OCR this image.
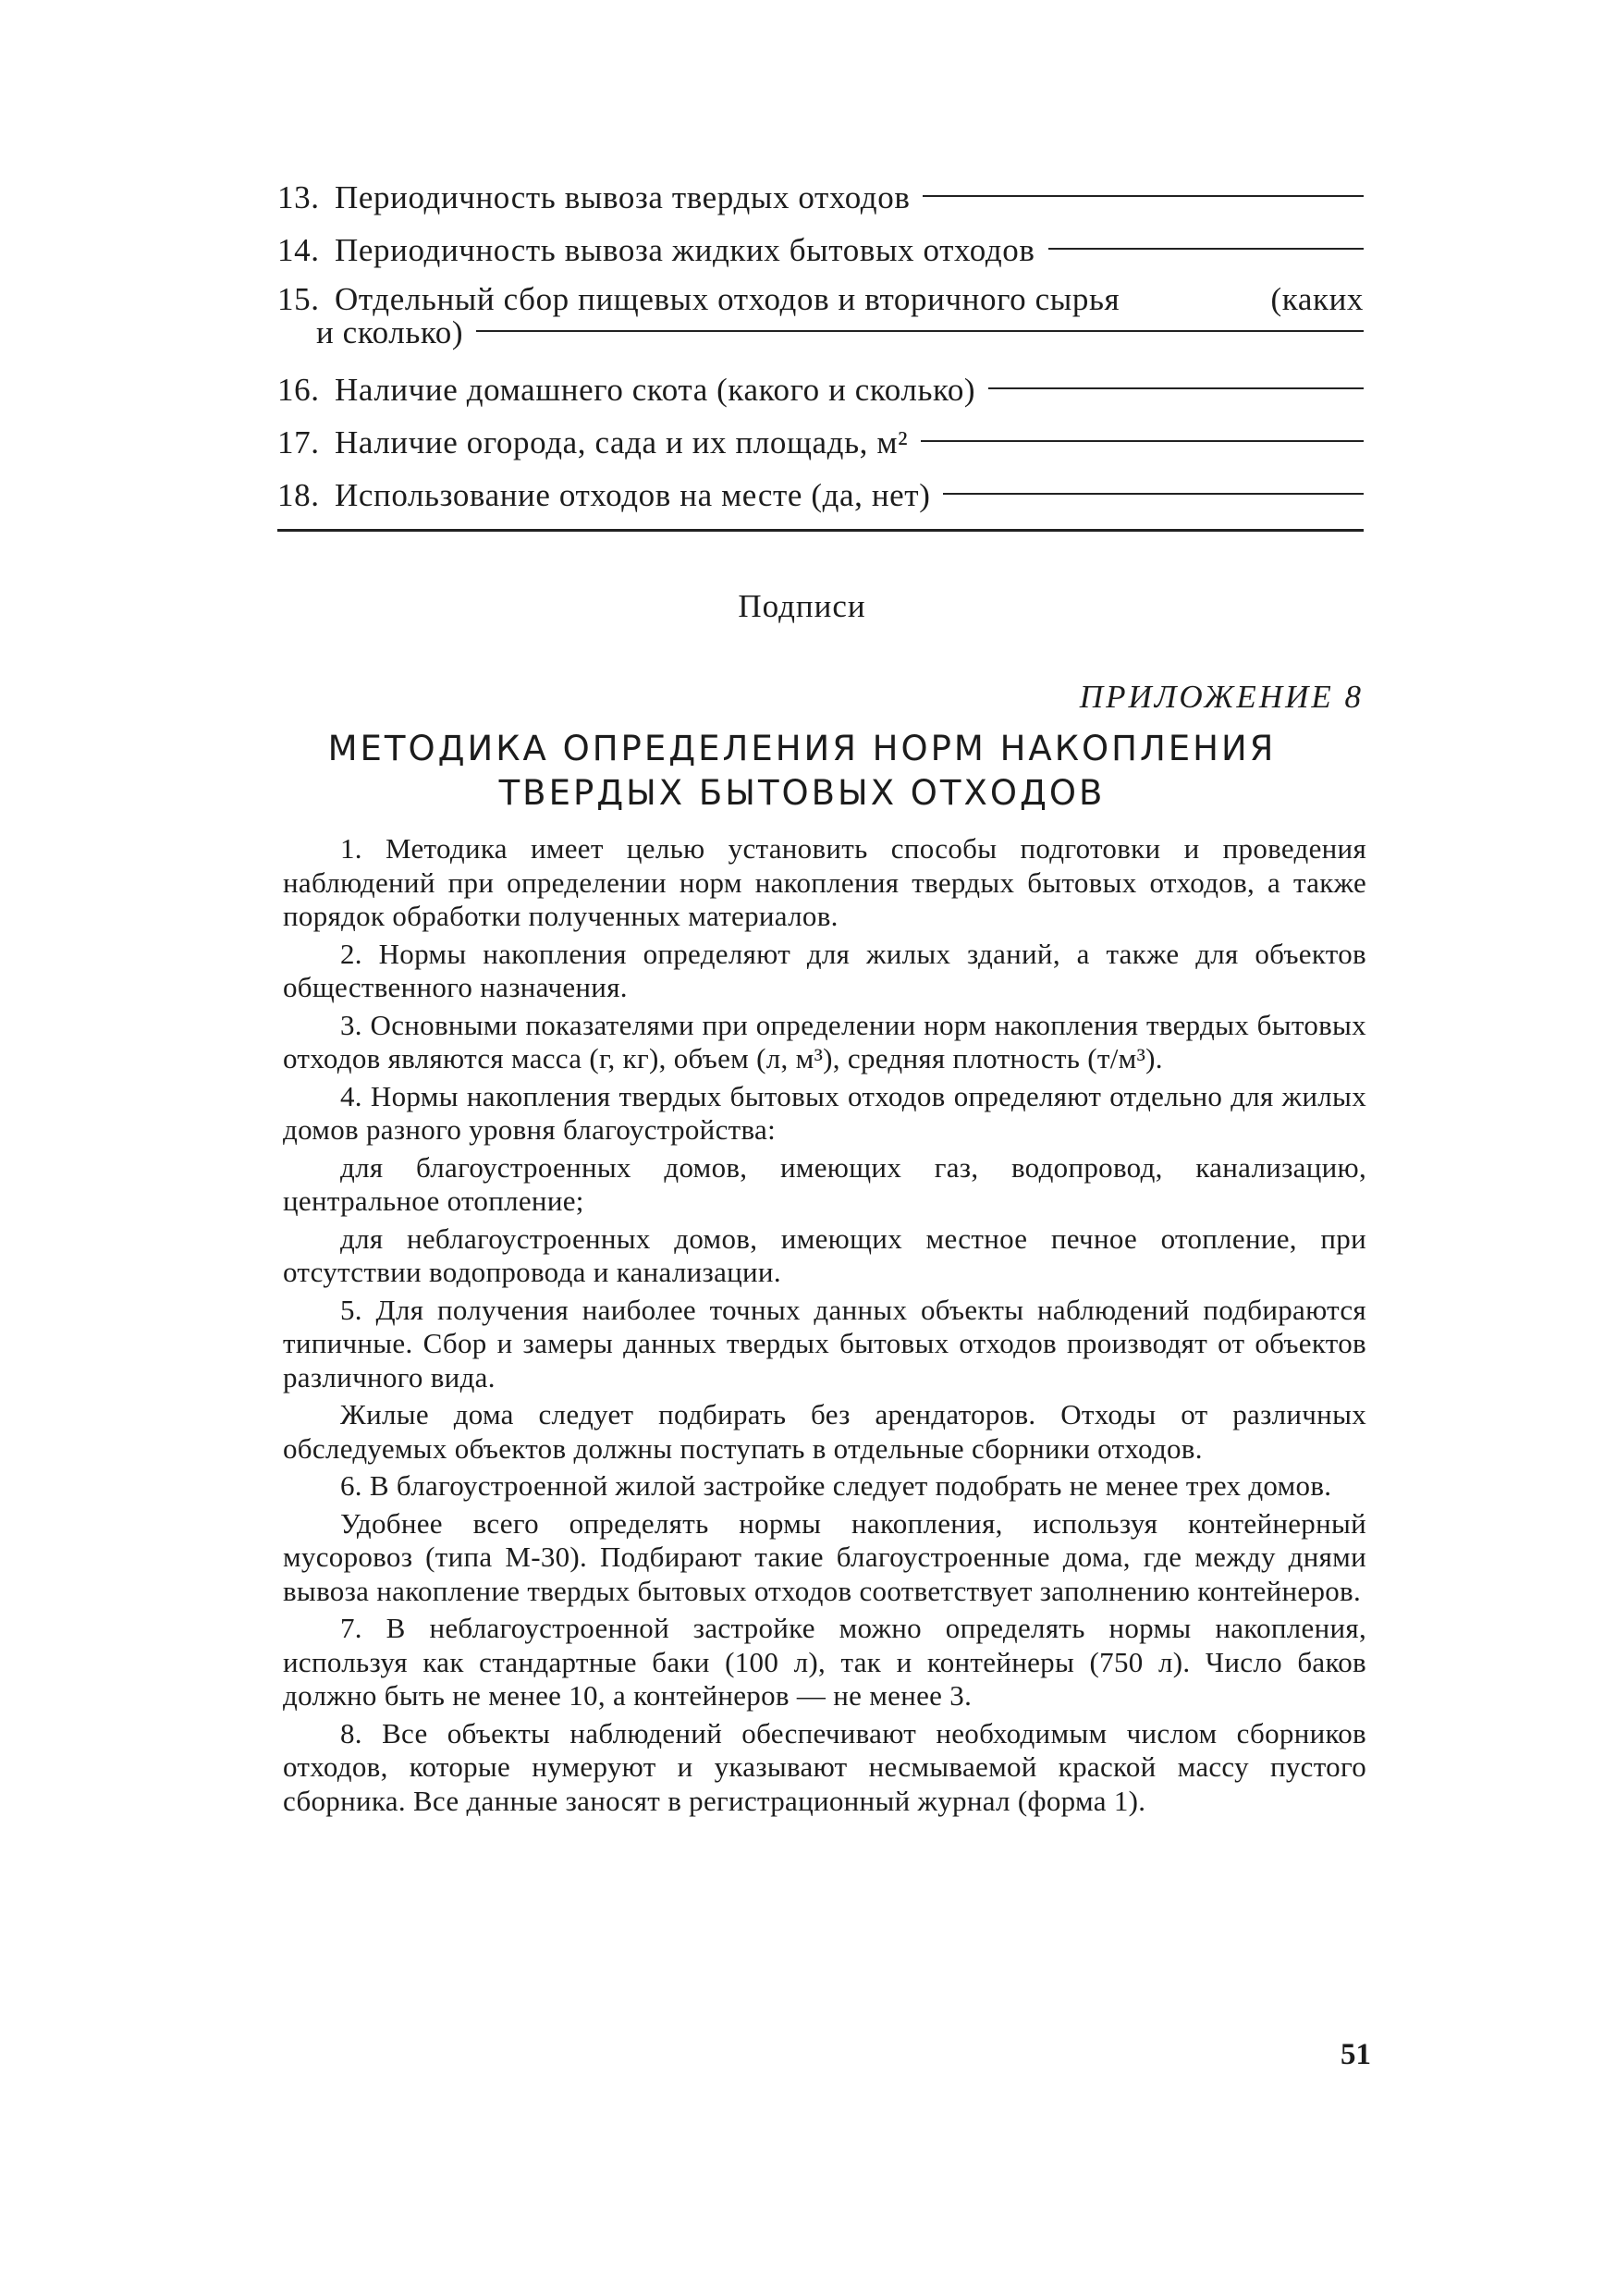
13. Периодичность вывоза твердых отходов
14. Периодичность вывоза жидких бытовых отходов
15. Отдельный сбор пищевых отходов и вторичного сырья	(каких
и сколько)
16. Наличие домашнего скота (какого и сколько)
17. Наличие огорода, сада и их площадь, м²
18. Использование отходов на месте (да, нет)
Подписи
ПРИЛОЖЕНИЕ 8
МЕТОДИКА ОПРЕДЕЛЕНИЯ НОРМ НАКОПЛЕНИЯ
ТВЕРДЫХ БЫТОВЫХ ОТХОДОВ

1. Методика имеет целью установить способы подготовки и проведения наблюдений при определении норм накопления твердых бытовых отходов, а также порядок обработки полученных материалов.

2. Нормы накопления определяют для жилых зданий, а также для объектов общественного назначения.

3. Основными показателями при определении норм накопления твердых бытовых отходов являются масса (г, кг), объем (л, м³), средняя плотность (т/м³).

4. Нормы накопления твердых бытовых отходов определяют отдельно для жилых домов разного уровня благоустройства:

для благоустроенных домов, имеющих газ, водопровод, канализацию, центральное отопление;

для неблагоустроенных домов, имеющих местное печное отопление, при отсутствии водопровода и канализации.

5. Для получения наиболее точных данных объекты наблюдений подбираются типичные. Сбор и замеры данных твердых бытовых отходов производят от объектов различного вида.

Жилые дома следует подбирать без арендаторов. Отходы от различных обследуемых объектов должны поступать в отдельные сборники отходов.

6. В благоустроенной жилой застройке следует подобрать не менее трех домов.

Удобнее всего определять нормы накопления, используя контейнерный мусоровоз (типа М-30). Подбирают такие благоустроенные дома, где между днями вывоза накопление твердых бытовых отходов соответствует заполнению контейнеров.

7. В неблагоустроенной застройке можно определять нормы накопления, используя как стандартные баки (100 л), так и контейнеры (750 л). Число баков должно быть не менее 10, а контейнеров — не менее 3.

8. Все объекты наблюдений обеспечивают необходимым числом сборников отходов, которые нумеруют и указывают несмываемой краской массу пустого сборника. Все данные заносят в регистрационный журнал (форма 1).

51
